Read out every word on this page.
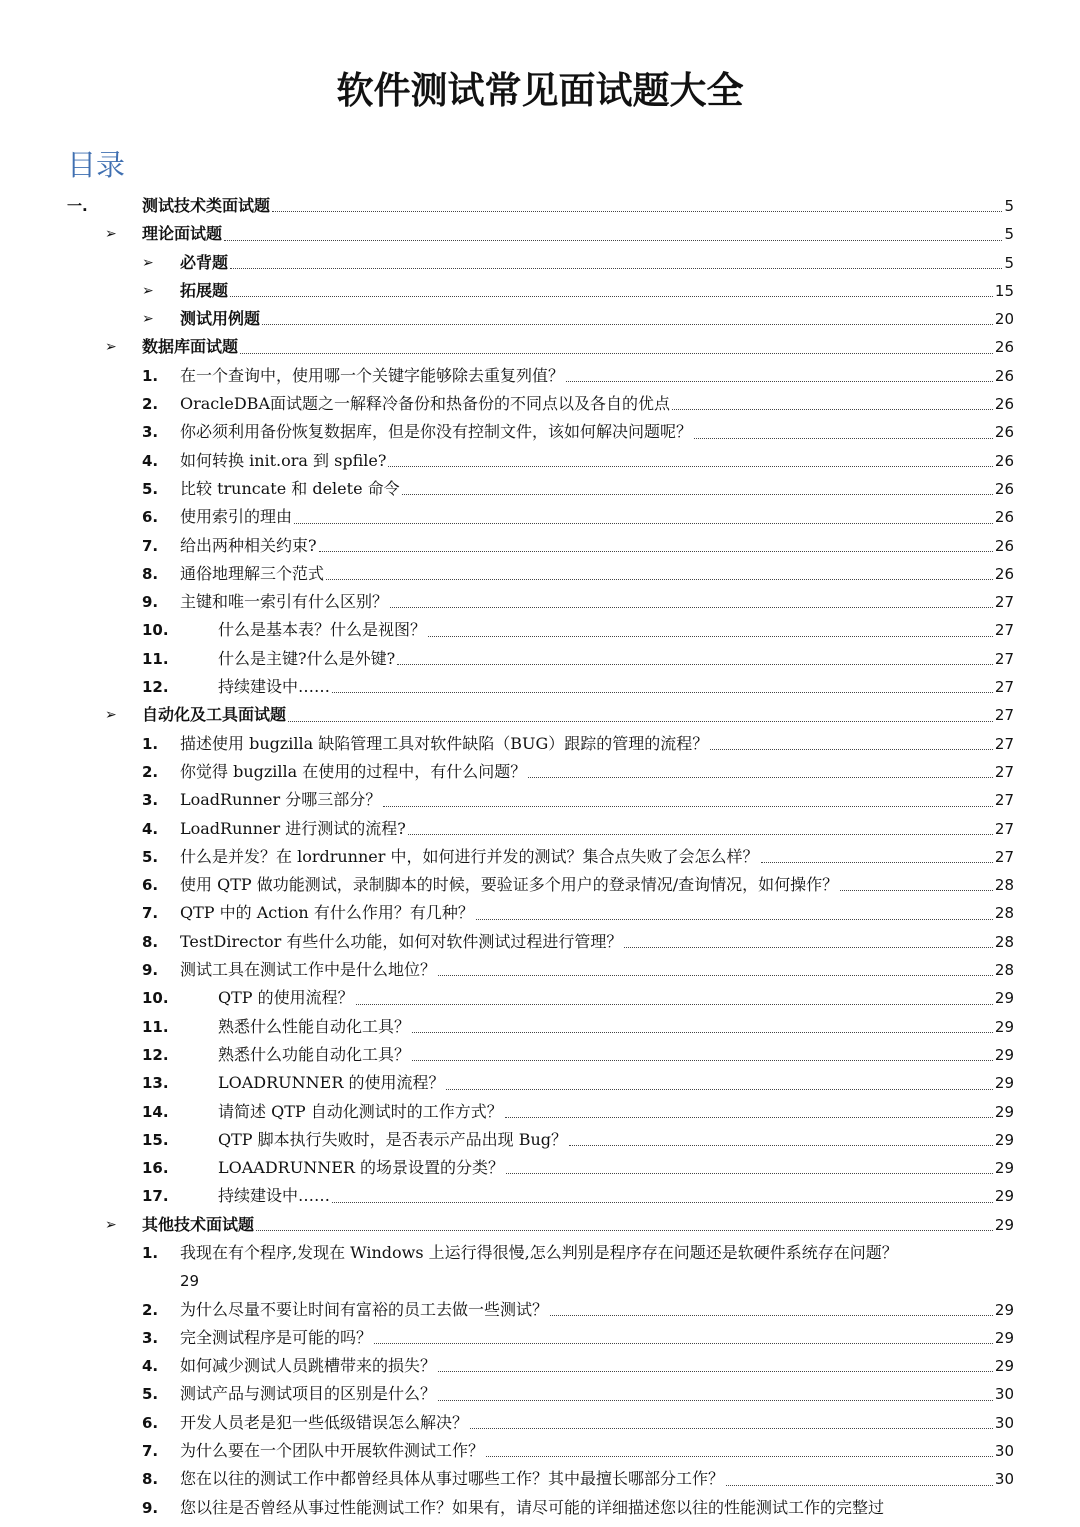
软件测试常见面试题大全
目录
一.	测试技术类面试题	5
➢ 理论面试题	5
➢ 必背题	5
➢ 拓展题	15
➢ 测试用例题	20
➢ 数据库面试题	26
1. 在一个查询中，使用哪一个关键字能够除去重复列值？	26
2. OracleDBA面试题之一解释冷备份和热备份的不同点以及各自的优点	26
3. 你必须利用备份恢复数据库，但是你没有控制文件，该如何解决问题呢？	26
4. 如何转换 init.ora 到 spfile?	26
5. 比较 truncate 和 delete 命令	26
6. 使用索引的理由	26
7. 给出两种相关约束?	26
8. 通俗地理解三个范式	26
9. 主键和唯一索引有什么区别？	27
10.	什么是基本表？什么是视图？	27
11.	什么是主键?什么是外键?	27
12.	持续建设中……	27
➢ 自动化及工具面试题	27
1. 描述使用 bugzilla 缺陷管理工具对软件缺陷（BUG）跟踪的管理的流程？	27
2. 你觉得 bugzilla 在使用的过程中，有什么问题？	27
3. LoadRunner 分哪三部分？	27
4. LoadRunner 进行测试的流程?	27
5. 什么是并发？在 lordrunner 中，如何进行并发的测试？集合点失败了会怎么样？	27
6. 使用 QTP 做功能测试，录制脚本的时候，要验证多个用户的登录情况/查询情况，如何操作？	28
7. QTP 中的 Action 有什么作用？有几种？	28
8. TestDirector 有些什么功能，如何对软件测试过程进行管理？	28
9. 测试工具在测试工作中是什么地位？	28
10.	QTP 的使用流程？	29
11.	熟悉什么性能自动化工具？	29
12.	熟悉什么功能自动化工具？	29
13.	LOADRUNNER 的使用流程？	29
14.	请简述 QTP 自动化测试时的工作方式？	29
15.	QTP 脚本执行失败时，是否表示产品出现 Bug？	29
16.	LOAADRUNNER 的场景设置的分类？	29
17.	持续建设中……	29
➢ 其他技术面试题	29
1. 我现在有个程序,发现在 Windows 上运行得很慢,怎么判别是程序存在问题还是软硬件系统存在问题？
29
2. 为什么尽量不要让时间有富裕的员工去做一些测试？	29
3. 完全测试程序是可能的吗？	29
4. 如何减少测试人员跳槽带来的损失？	29
5. 测试产品与测试项目的区别是什么？	30
6. 开发人员老是犯一些低级错误怎么解决？	30
7. 为什么要在一个团队中开展软件测试工作？	30
8. 您在以往的测试工作中都曾经具体从事过哪些工作？其中最擅长哪部分工作？	30
9. 您以往是否曾经从事过性能测试工作？如果有，请尽可能的详细描述您以往的性能测试工作的完整过
